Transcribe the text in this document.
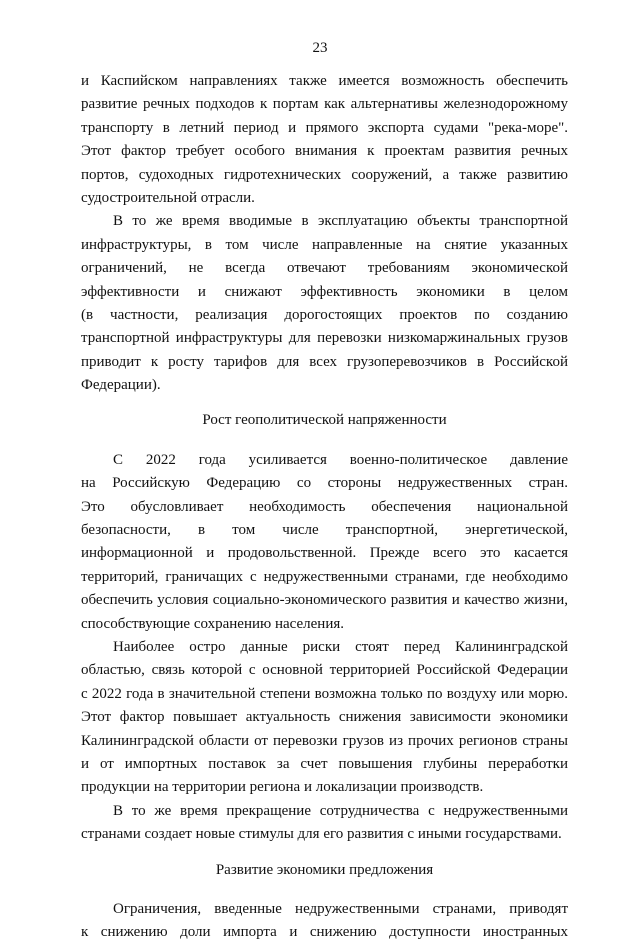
23
и Каспийском направлениях также имеется возможность обеспечить
развитие речных подходов к портам как альтернативы железнодорожному
транспорту в летний период и прямого экспорта судами "река-море".
Этот фактор требует особого внимания к проектам развития речных
портов, судоходных гидротехнических сооружений, а также развитию
судостроительной отрасли.
В то же время вводимые в эксплуатацию объекты транспортной
инфраструктуры, в том числе направленные на снятие указанных
ограничений, не всегда отвечают требованиям экономической
эффективности и снижают эффективность экономики в целом
(в частности, реализация дорогостоящих проектов по созданию
транспортной инфраструктуры для перевозки низкомаржинальных грузов
приводит к росту тарифов для всех грузоперевозчиков в Российской
Федерации).
Рост геополитической напряженности
С 2022 года усиливается военно-политическое давление
на Российскую Федерацию со стороны недружественных стран.
Это обусловливает необходимость обеспечения национальной
безопасности, в том числе транспортной, энергетической,
информационной и продовольственной. Прежде всего это касается
территорий, граничащих с недружественными странами, где необходимо
обеспечить условия социально-экономического развития и качество жизни,
способствующие сохранению населения.
Наиболее остро данные риски стоят перед Калининградской
областью, связь которой с основной территорией Российской Федерации
с 2022 года в значительной степени возможна только по воздуху или морю.
Этот фактор повышает актуальность снижения зависимости экономики
Калининградской области от перевозки грузов из прочих регионов страны
и от импортных поставок за счет повышения глубины переработки
продукции на территории региона и локализации производств.
В то же время прекращение сотрудничества с недружественными
странами создает новые стимулы для его развития с иными государствами.
Развитие экономики предложения
Ограничения, введенные недружественными странами, приводят
к снижению доли импорта и снижению доступности иностранных
